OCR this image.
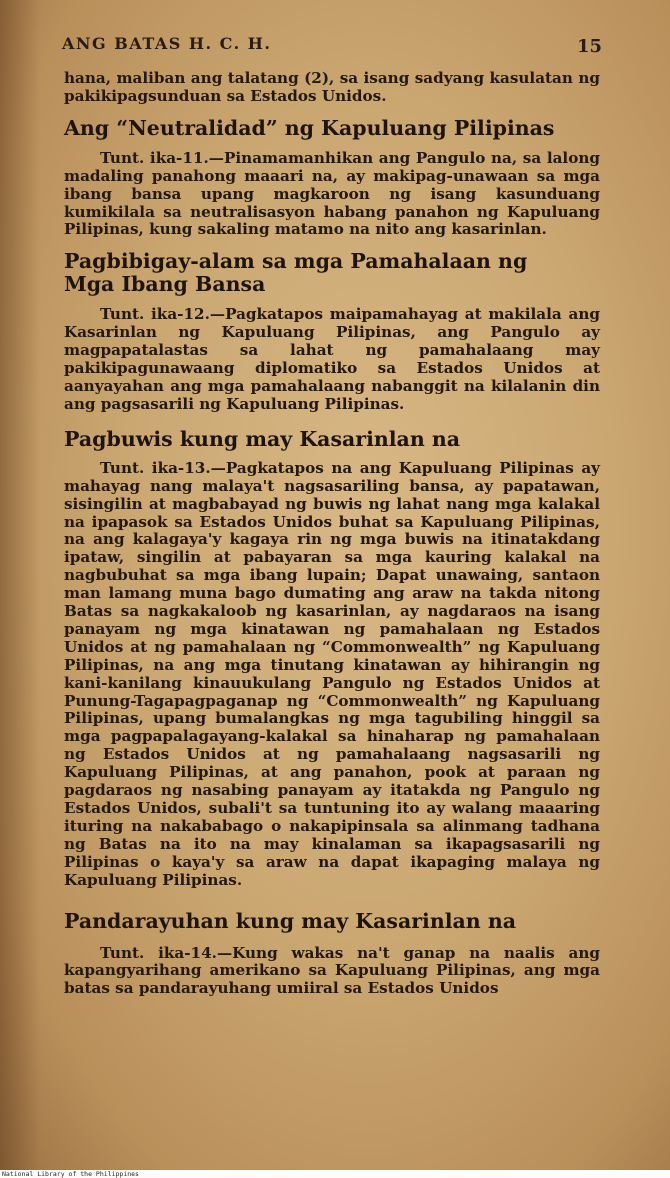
ANG BATAS H. C. H.	15

hana, maliban ang talatang (2), sa isang sadyang kasulatan ng pakikipagsunduan sa Estados Unidos.

Ang “Neutralidad” ng Kapuluang Pilipinas

Tunt. ika-11.—Pinamamanhikan ang Pangulo na, sa lalong madaling panahong maaari na, ay makipag-unawaan sa mga ibang bansa upang magkaroon ng isang kasunduang kumikilala sa neutralisasyon habang panahon ng Kapuluang Pilipinas, kung sakaling matamo na nito ang kasarinlan.

Pagbibigay-alam sa mga Pamahalaan ng
Mga Ibang Bansa

Tunt. ika-12.—Pagkatapos maipamahayag at makilala ang Kasarinlan ng Kapuluang Pilipinas, ang Pangulo ay magpapatalastas sa lahat ng pamahalaang may pakikipagunawaang diplomatiko sa Estados Unidos at aanyayahan ang mga pamahalaang nabanggit na kilalanin din ang pagsasarili ng Kapuluang Pilipinas.

Pagbuwis kung may Kasarinlan na

Tunt. ika-13.—Pagkatapos na ang Kapuluang Pilipinas ay mahayag nang malaya't nagsasariling bansa, ay papatawan, sisingilin at magbabayad ng buwis ng lahat nang mga kalakal na ipapasok sa Estados Unidos buhat sa Kapuluang Pilipinas, na ang kalagaya'y kagaya rin ng mga buwis na itinatakdang ipataw, singilin at pabayaran sa mga kauring kalakal na nagbubuhat sa mga ibang lupain; Dapat unawaing, santaon man lamang muna bago dumating ang araw na takda nitong Batas sa nagkakaloob ng kasarinlan, ay nagdaraos na isang panayam ng mga kinatawan ng pamahalaan ng Estados Unidos at ng pamahalaan ng “Commonwealth” ng Kapuluang Pilipinas, na ang mga tinutang kinatawan ay hihirangin ng kani-kanilang kinauukulang Pangulo ng Estados Unidos at Punung-Tagapagpaganap ng “Commonwealth” ng Kapuluang Pilipinas, upang bumalangkas ng mga tagubiling hinggil sa mga pagpapalagayang-kalakal sa hinaharap ng pamahalaan ng Estados Unidos at ng pamahalaang nagsasarili ng Kapuluang Pilipinas, at ang panahon, pook at paraan ng pagdaraos ng nasabing panayam ay itatakda ng Pangulo ng Estados Unidos, subali't sa tuntuning ito ay walang maaaring ituring na nakababago o nakapipinsala sa alinmang tadhana ng Batas na ito na may kinalaman sa ikapagsasarili ng Pilipinas o kaya'y sa araw na dapat ikapaging malaya ng Kapuluang Pilipinas.

Pandarayuhan kung may Kasarinlan na

Tunt. ika-14.—Kung wakas na't ganap na naalis ang kapangyarihang amerikano sa Kapuluang Pilipinas, ang mga batas sa pandarayuhang umiiral sa Estados Unidos

National Library of the Philippines
